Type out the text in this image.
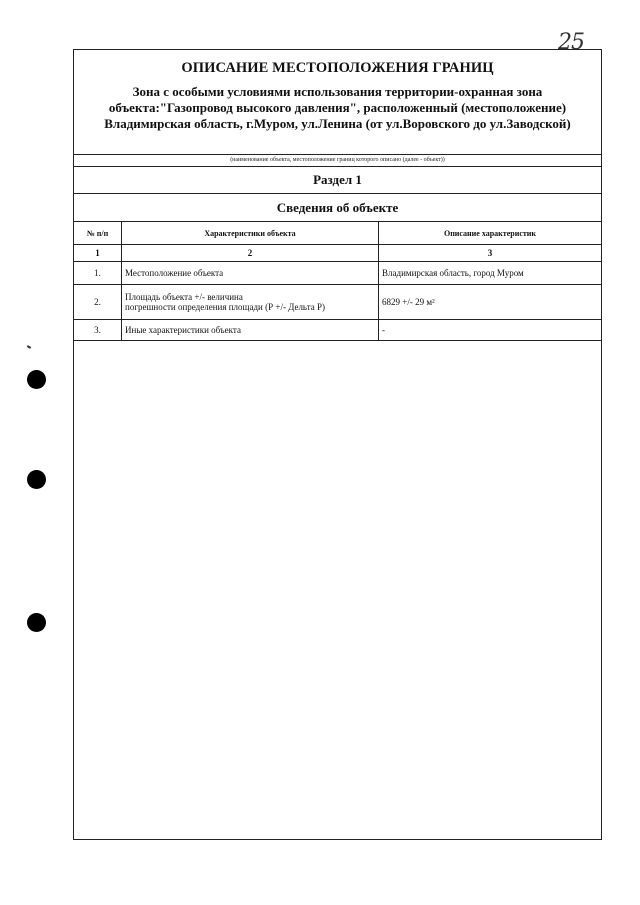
25
ОПИСАНИЕ МЕСТОПОЛОЖЕНИЯ ГРАНИЦ
Зона с особыми условиями использования территории-охранная зона
объекта:"Газопровод высокого давления", расположенный (местоположение)
Владимирская область, г.Муром, ул.Ленина (от ул.Воровского до ул.Заводской)
(наименование объекта, местоположение границ которого описано (далее - объект))
Раздел 1
Сведения об объекте
№ п/п	Характеристики объекта	Описание характеристик
1	2	3
1.	Местоположение объекта	Владимирская область, город Муром
2.	Площадь объекта +/- величина
погрешности определения площади (Р +/- Дельта Р)	6829 +/- 29 м²
3.	Иные характеристики объекта	-
